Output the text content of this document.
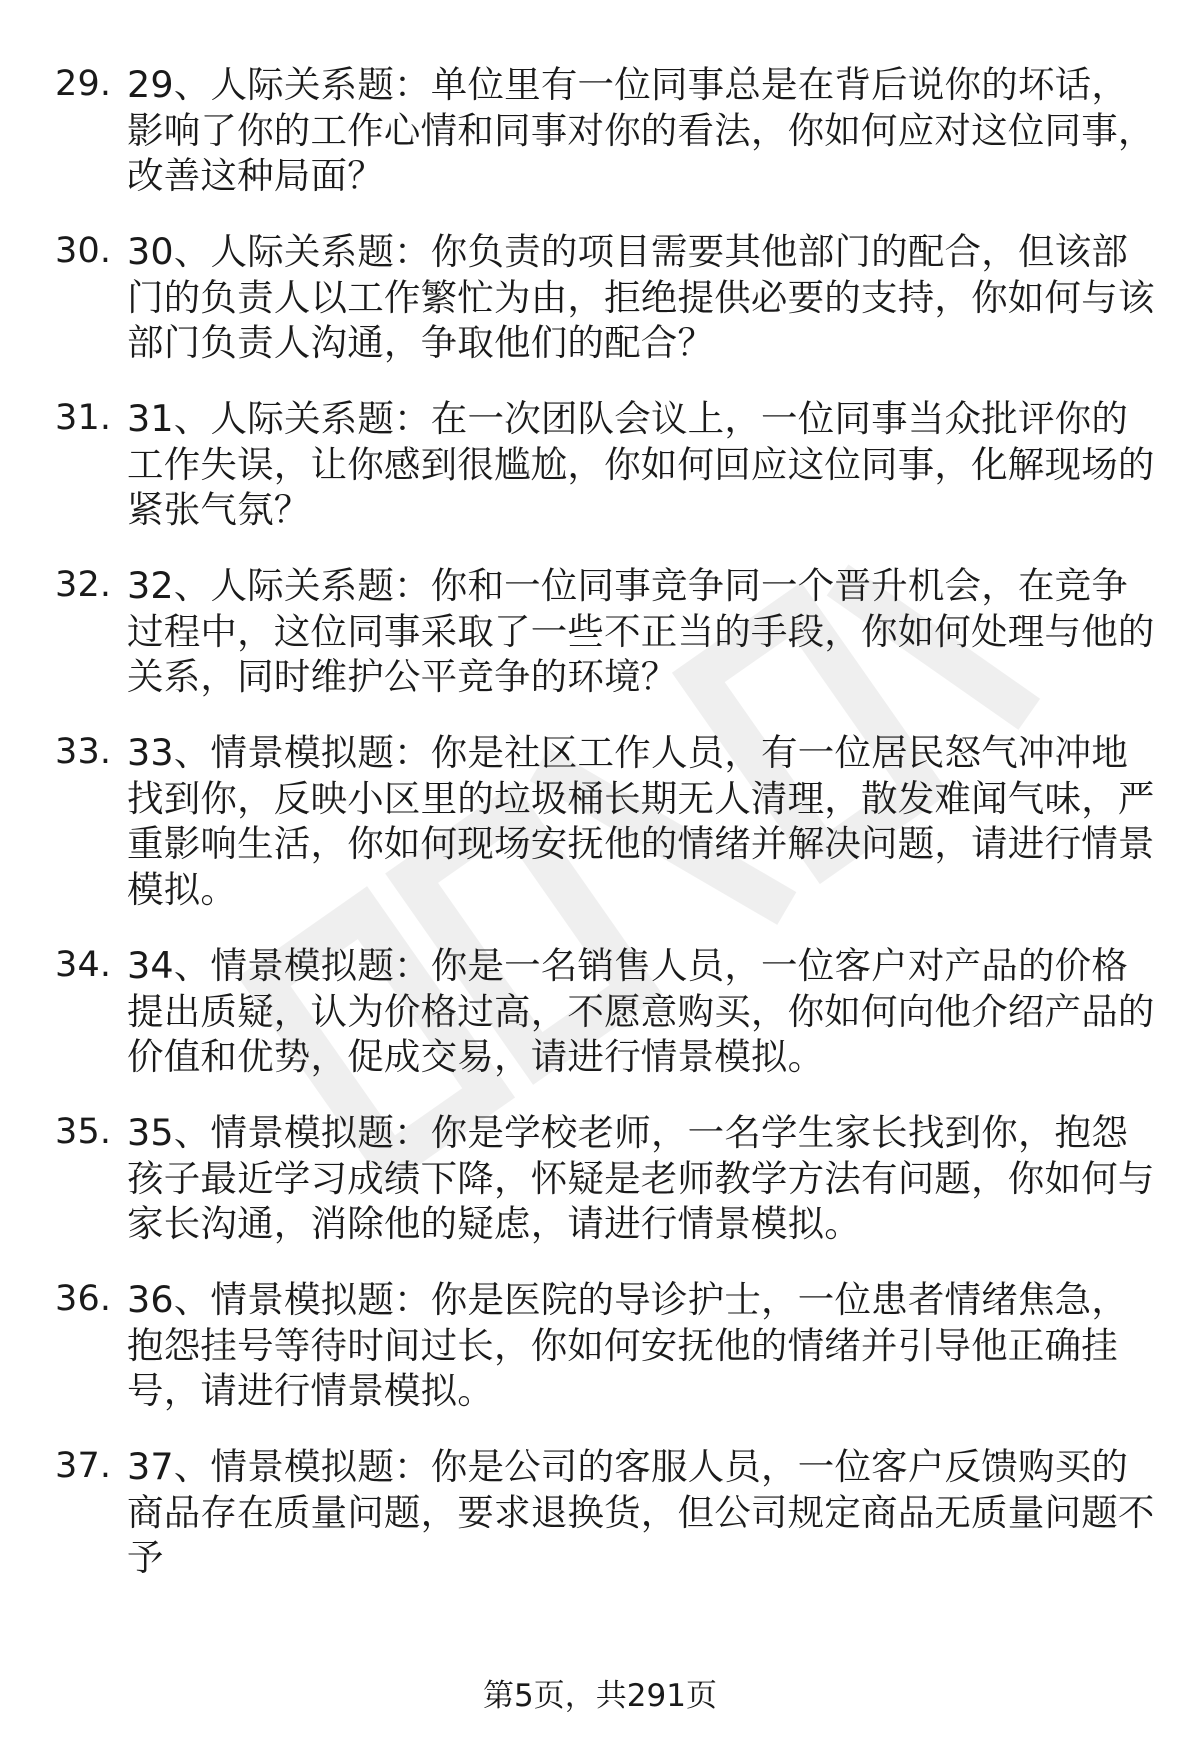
29. 29、人际关系题：单位里有一位同事总是在背后说你的坏话，影响了你的工作心情和同事对你的看法，你如何应对这位同事，改善这种局面？
30. 30、人际关系题：你负责的项目需要其他部门的配合，但该部门的负责人以工作繁忙为由，拒绝提供必要的支持，你如何与该部门负责人沟通，争取他们的配合？
31. 31、人际关系题：在一次团队会议上，一位同事当众批评你的工作失误，让你感到很尴尬，你如何回应这位同事，化解现场的紧张气氛？
32. 32、人际关系题：你和一位同事竞争同一个晋升机会，在竞争过程中，这位同事采取了一些不正当的手段，你如何处理与他的关系，同时维护公平竞争的环境？
33. 33、情景模拟题：你是社区工作人员，有一位居民怒气冲冲地找到你，反映小区里的垃圾桶长期无人清理，散发难闻气味，严重影响生活，你如何现场安抚他的情绪并解决问题，请进行情景模拟。
34. 34、情景模拟题：你是一名销售人员，一位客户对产品的价格提出质疑，认为价格过高，不愿意购买，你如何向他介绍产品的价值和优势，促成交易，请进行情景模拟。
35. 35、情景模拟题：你是学校老师，一名学生家长找到你，抱怨孩子最近学习成绩下降，怀疑是老师教学方法有问题，你如何与家长沟通，消除他的疑虑，请进行情景模拟。
36. 36、情景模拟题：你是医院的导诊护士，一位患者情绪焦急，抱怨挂号等待时间过长，你如何安抚他的情绪并引导他正确挂号，请进行情景模拟。
37. 37、情景模拟题：你是公司的客服人员，一位客户反馈购买的商品存在质量问题，要求退换货，但公司规定商品无质量问题不予
第5页，共291页
